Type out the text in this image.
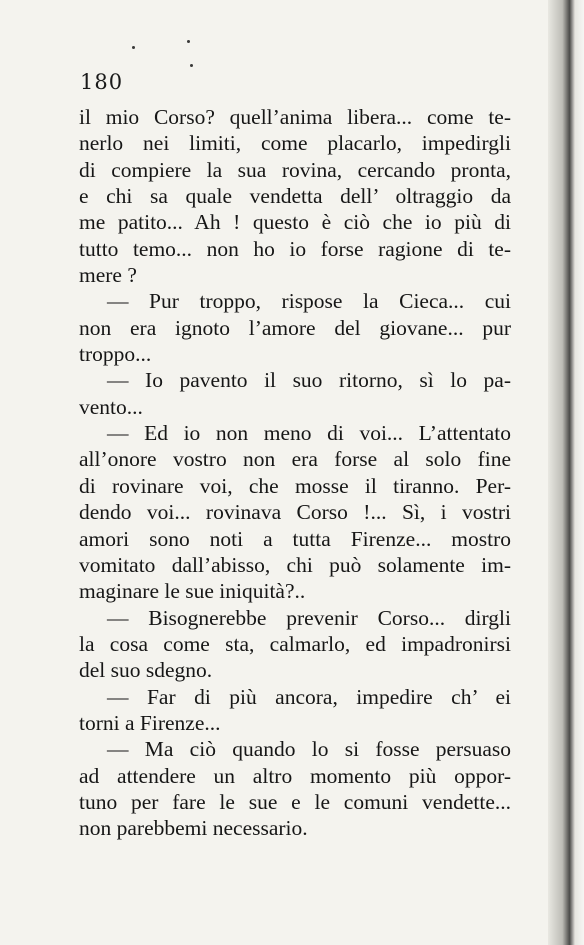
180
il mio Corso? quell’anima libera... come te-
nerlo nei limiti, come placarlo, impedirgli
di compiere la sua rovina, cercando pronta,
e chi sa quale vendetta dell’ oltraggio da
me patito... Ah ! questo è ciò che io più di
tutto temo... non ho io forse ragione di te-
mere ?
— Pur troppo, rispose la Cieca... cui
non era ignoto l’amore del giovane... pur
troppo...
— Io pavento il suo ritorno, sì lo pa-
vento...
— Ed io non meno di voi... L’attentato
all’onore vostro non era forse al solo fine
di rovinare voi, che mosse il tiranno. Per-
dendo voi... rovinava Corso !... Sì, i vostri
amori sono noti a tutta Firenze... mostro
vomitato dall’abisso, chi può solamente im-
maginare le sue iniquità?..
— Bisognerebbe prevenir Corso... dirgli
la cosa come sta, calmarlo, ed impadronirsi
del suo sdegno.
— Far di più ancora, impedire ch’ ei
torni a Firenze...
— Ma ciò quando lo si fosse persuaso
ad attendere un altro momento più oppor-
tuno per fare le sue e le comuni vendette...
non parebbemi necessario.
